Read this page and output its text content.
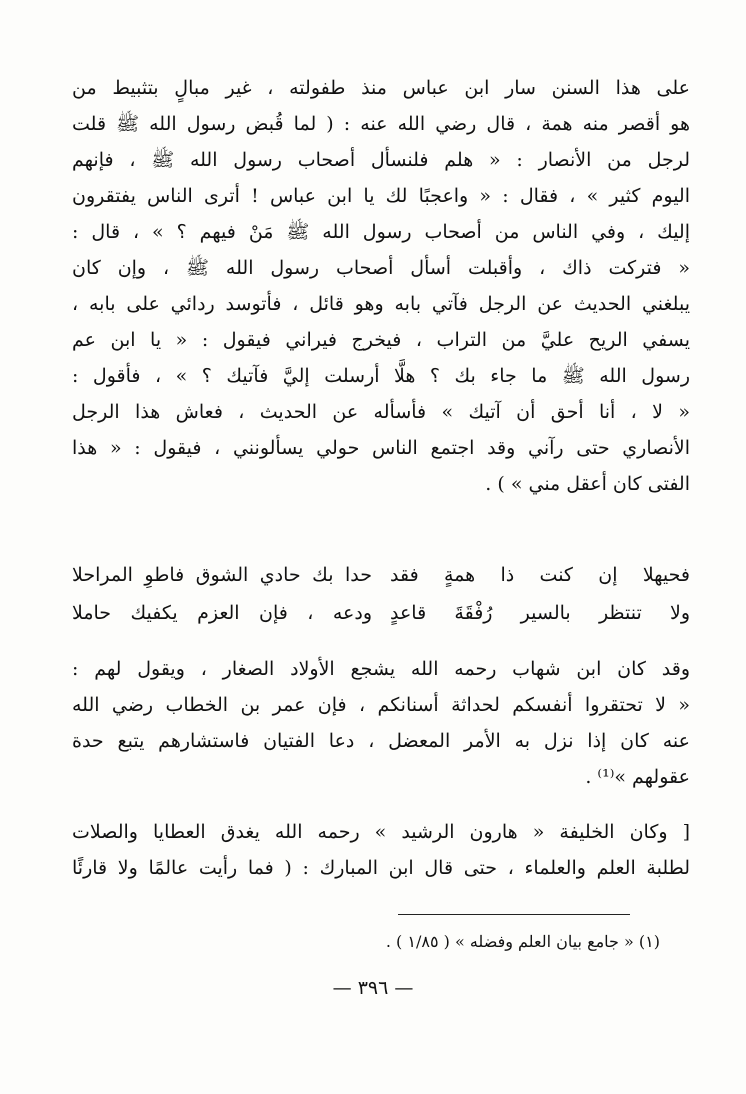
على هذا السنن سار ابن عباس منذ طفولته ، غير مبالٍ بتثبيط من
هو أقصر منه همة ، قال رضي الله عنه : ( لما قُبض رسول الله ﷺ قلت
لرجل من الأنصار : « هلم فلنسأل أصحاب رسول الله ﷺ ، فإنهم
اليوم كثير » ، فقال : « واعجبًا لك يا ابن عباس ! أترى الناس يفتقرون
إليك ، وفي الناس من أصحاب رسول الله ﷺ مَنْ فيهم ؟ » ، قال :
« فتركت ذاك ، وأقبلت أسأل أصحاب رسول الله ﷺ ، وإن كان
يبلغني الحديث عن الرجل فآتي بابه وهو قائل ، فأتوسد ردائي على بابه ،
يسفي الريح عليَّ من التراب ، فيخرج فيراني فيقول : « يا ابن عم
رسول الله ﷺ ما جاء بك ؟ هلَّا أرسلت إليَّ فآتيك ؟ » ، فأقول :
« لا ، أنا أحق أن آتيك » فأسأله عن الحديث ، فعاش هذا الرجل
الأنصاري حتى رآني وقد اجتمع الناس حولي يسألونني ، فيقول : « هذا
الفتى كان أعقل مني » ) .
فحيهلا إن كنت ذا همةٍ فقد
حدا بك حادي الشوق فاطوِ المراحلا
ولا تنتظر بالسير رُفْقَةَ قاعدٍ
ودعه ، فإن العزم يكفيك حاملا
وقد كان ابن شهاب رحمه الله يشجع الأولاد الصغار ، ويقول لهم :
« لا تحتقروا أنفسكم لحداثة أسنانكم ، فإن عمر بن الخطاب رضي الله
عنه كان إذا نزل به الأمر المعضل ، دعا الفتيان فاستشارهم يتبع حدة
عقولهم »⁽¹⁾ .
[ وكان الخليفة « هارون الرشيد » رحمه الله يغدق العطايا والصلات
لطلبة العلم والعلماء ، حتى قال ابن المبارك : ( فما رأيت عالمًا ولا قارئًا
(١) « جامع بيان العلم وفضله » ( ١/٨٥ ) .
— ٣٩٦ —
